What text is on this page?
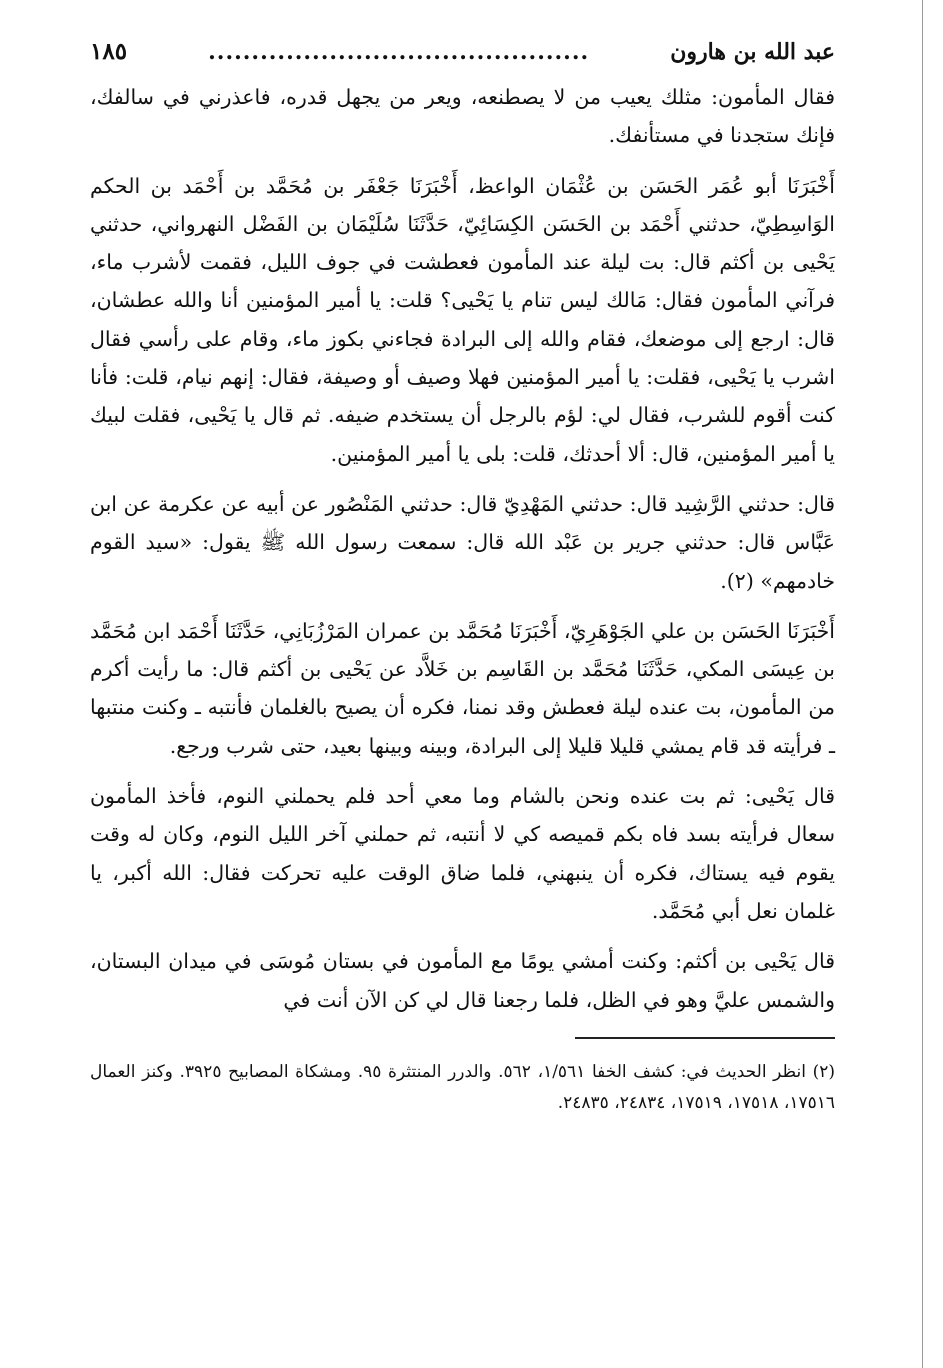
عبد الله بن هارون
............................................
١٨٥

فقال المأمون: مثلك يعيب من لا يصطنعه، ويعر من يجهل قدره، فاعذرني في سالفك، فإنك ستجدنا في مستأنفك.

أَخْبَرَنَا أبو عُمَر الحَسَن بن عُثْمَان الواعظ، أَخْبَرَنَا جَعْفَر بن مُحَمَّد بن أَحْمَد بن الحكم الوَاسِطِيّ، حدثني أَحْمَد بن الحَسَن الكِسَائِيّ، حَدَّثَنَا سُلَيْمَان بن الفَضْل النهرواني، حدثني يَحْيى بن أكثم قال: بت ليلة عند المأمون فعطشت في جوف الليل، فقمت لأشرب ماء، فرآني المأمون فقال: مَالك ليس تنام يا يَحْيى؟ قلت: يا أمير المؤمنين أنا والله عطشان، قال: ارجع إلى موضعك، فقام والله إلى البرادة فجاءني بكوز ماء، وقام على رأسي فقال اشرب يا يَحْيى، فقلت: يا أمير المؤمنين فهلا وصيف أو وصيفة، فقال: إنهم نيام، قلت: فأنا كنت أقوم للشرب، فقال لي: لؤم بالرجل أن يستخدم ضيفه. ثم قال يا يَحْيى، فقلت لبيك يا أمير المؤمنين، قال: ألا أحدثك، قلت: بلى يا أمير المؤمنين.

قال: حدثني الرَّشِيد قال: حدثني المَهْدِيّ قال: حدثني المَنْصُور عن أبيه عن عكرمة عن ابن عَبَّاس قال: حدثني جرير بن عَبْد الله قال: سمعت رسول الله ﷺ يقول: «سيد القوم خادمهم» (٢).

أَخْبَرَنَا الحَسَن بن علي الجَوْهَرِيّ، أَخْبَرَنَا مُحَمَّد بن عمران المَرْزُبَانِي، حَدَّثَنَا أَحْمَد ابن مُحَمَّد بن عِيسَى المكي، حَدَّثَنَا مُحَمَّد بن القَاسِم بن خَلاَّد عن يَحْيى بن أكثم قال: ما رأيت أكرم من المأمون، بت عنده ليلة فعطش وقد نمنا، فكره أن يصيح بالغلمان فأنتبه ـ وكنت منتبها ـ فرأيته قد قام يمشي قليلا قليلا إلى البرادة، وبينه وبينها بعيد، حتى شرب ورجع.

قال يَحْيى: ثم بت عنده ونحن بالشام وما معي أحد فلم يحملني النوم، فأخذ المأمون سعال فرأيته بسد فاه بكم قميصه كي لا أنتبه، ثم حملني آخر الليل النوم، وكان له وقت يقوم فيه يستاك، فكره أن ينبهني، فلما ضاق الوقت عليه تحركت فقال: الله أكبر، يا غلمان نعل أبي مُحَمَّد.

قال يَحْيى بن أكثم: وكنت أمشي يومًا مع المأمون في بستان مُوسَى في ميدان البستان، والشمس عليَّ وهو في الظل، فلما رجعنا قال لي كن الآن أنت في

(٢) انظر الحديث في: كشف الخفا ١/٥٦١، ٥٦٢. والدرر المنتثرة ٩٥. ومشكاة المصابيح ٣٩٢٥. وكنز العمال ١٧٥١٦، ١٧٥١٨، ١٧٥١٩، ٢٤٨٣٤، ٢٤٨٣٥.
